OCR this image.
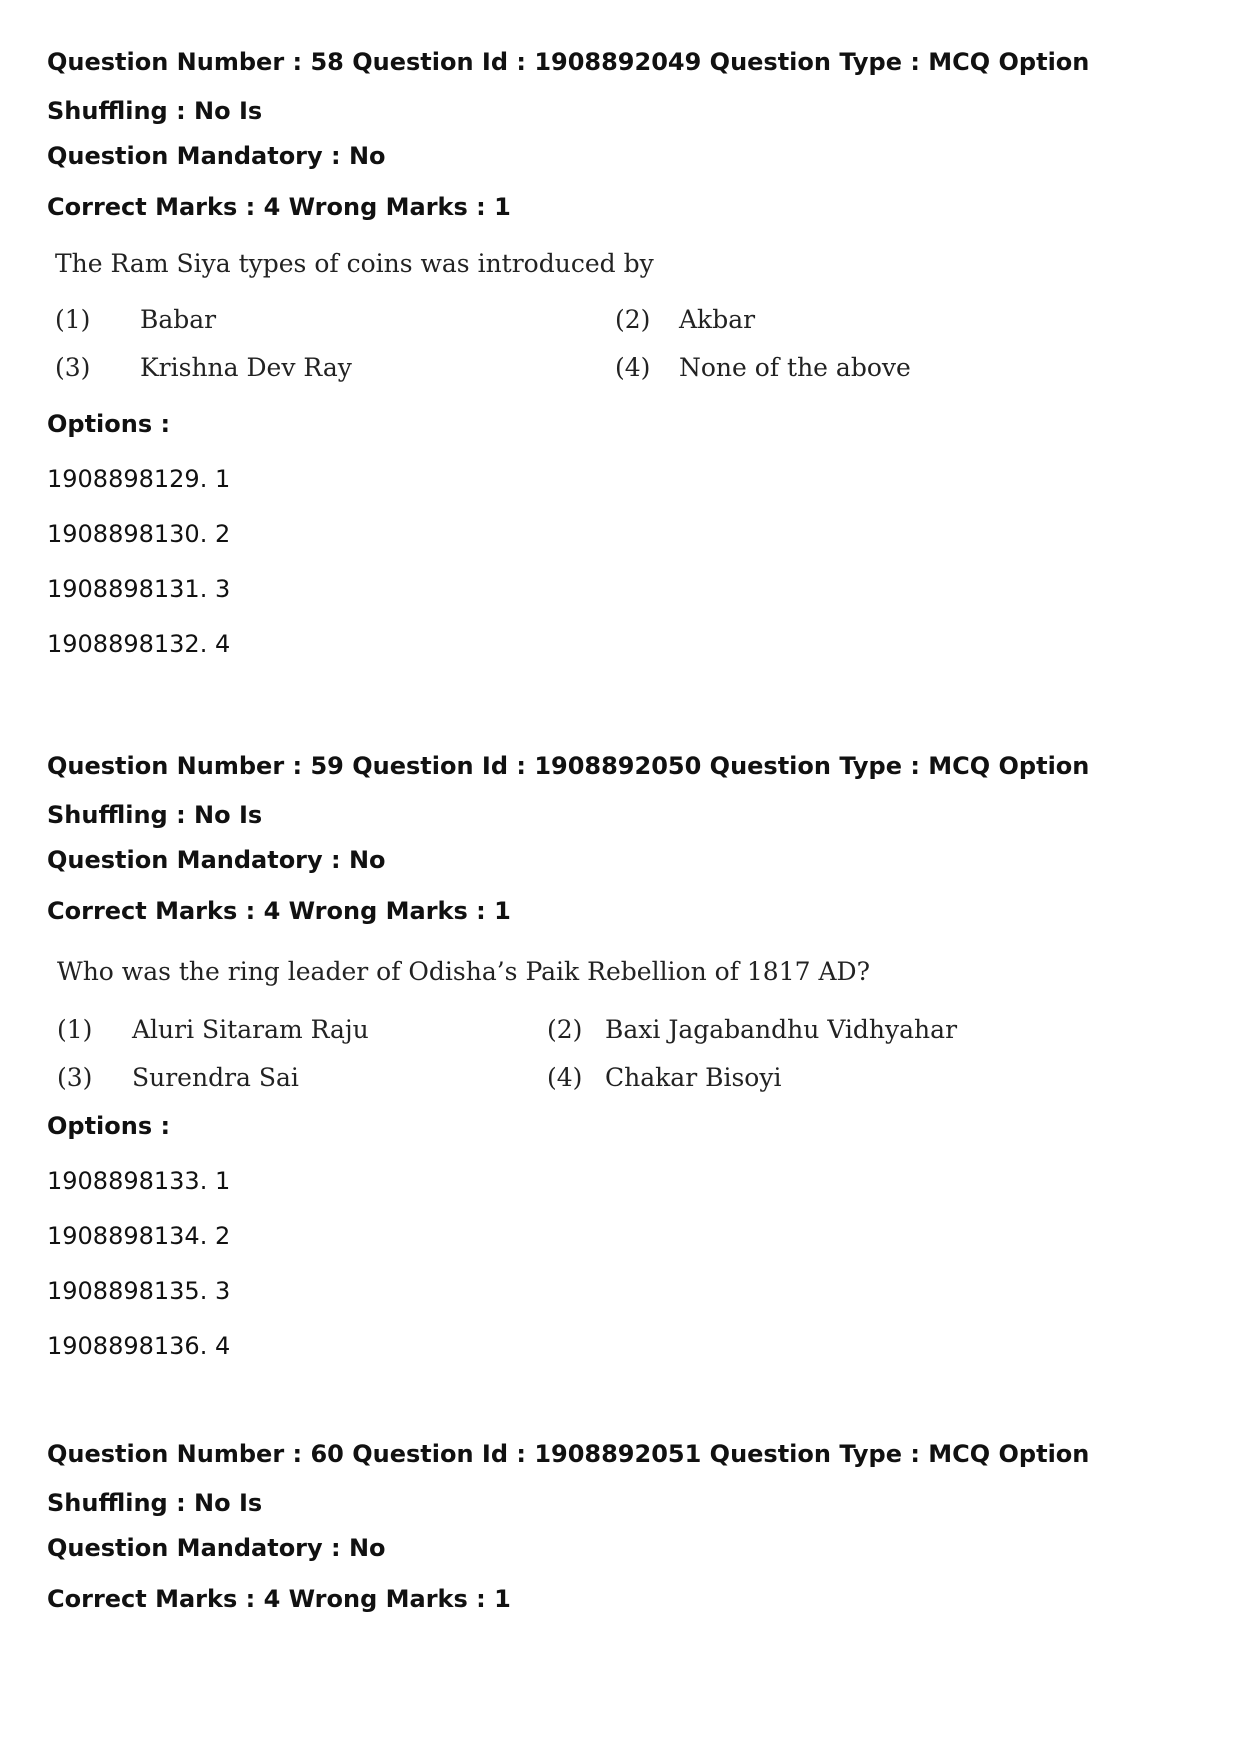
Question Number : 58 Question Id : 1908892049 Question Type : MCQ Option Shuffling : No Is
Question Mandatory : No
Correct Marks : 4 Wrong Marks : 1
The Ram Siya types of coins was introduced by
(1)	Babar	(2)	Akbar
(3)	Krishna Dev Ray	(4)	None of the above
Options :
1908898129. 1
1908898130. 2
1908898131. 3
1908898132. 4
Question Number : 59 Question Id : 1908892050 Question Type : MCQ Option Shuffling : No Is
Question Mandatory : No
Correct Marks : 4 Wrong Marks : 1
Who was the ring leader of Odisha’s Paik Rebellion of 1817 AD?
(1)	Aluri Sitaram Raju	(2) Baxi Jagabandhu Vidhyahar
(3)	Surendra Sai	(4) Chakar Bisoyi
Options :
1908898133. 1
1908898134. 2
1908898135. 3
1908898136. 4
Question Number : 60 Question Id : 1908892051 Question Type : MCQ Option Shuffling : No Is
Question Mandatory : No
Correct Marks : 4 Wrong Marks : 1
